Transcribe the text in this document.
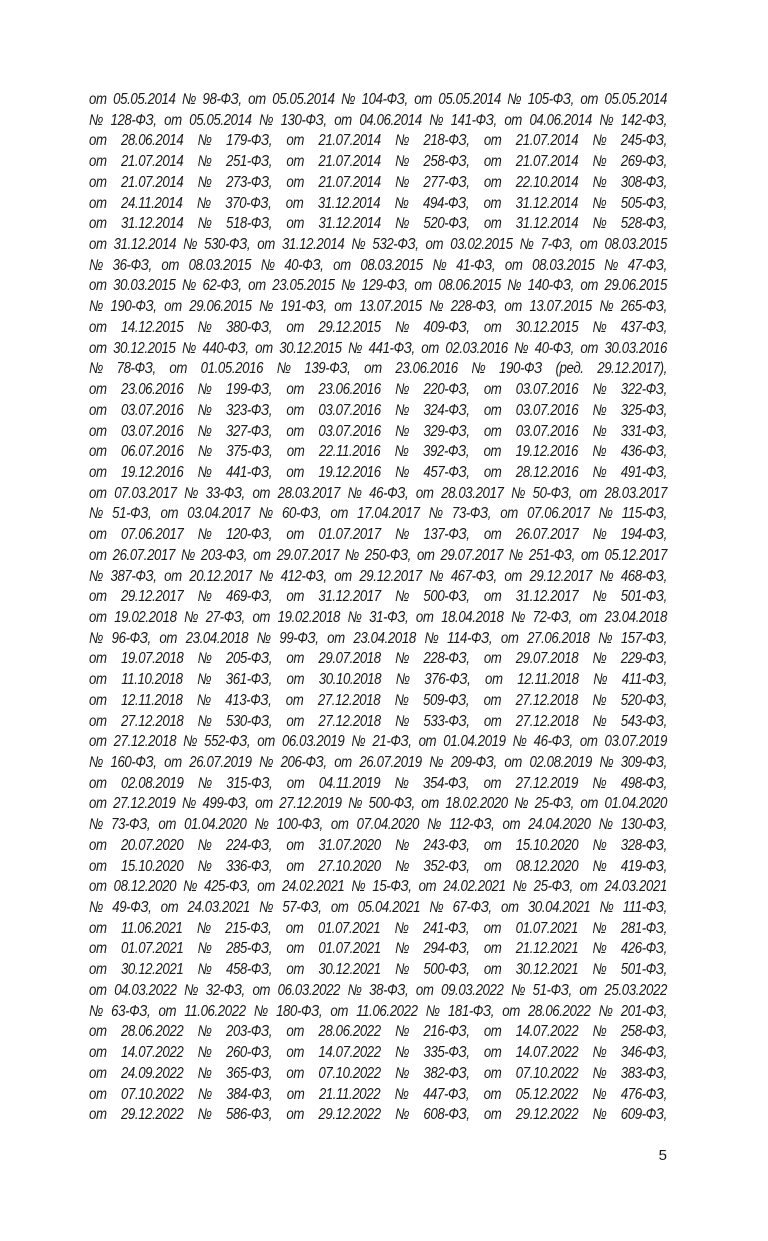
от 05.05.2014 № 98-ФЗ, от 05.05.2014 № 104-ФЗ, от 05.05.2014 № 105-ФЗ, от 05.05.2014
№ 128-ФЗ, от 05.05.2014 № 130-ФЗ, от 04.06.2014 № 141-ФЗ, от 04.06.2014 № 142-ФЗ,
от 28.06.2014 № 179-ФЗ, от 21.07.2014 № 218-ФЗ, от 21.07.2014 № 245-ФЗ,
от 21.07.2014 № 251-ФЗ, от 21.07.2014 № 258-ФЗ, от 21.07.2014 № 269-ФЗ,
от 21.07.2014 № 273-ФЗ, от 21.07.2014 № 277-ФЗ, от 22.10.2014 № 308-ФЗ,
от 24.11.2014 № 370-ФЗ, от 31.12.2014 № 494-ФЗ, от 31.12.2014 № 505-ФЗ,
от 31.12.2014 № 518-ФЗ, от 31.12.2014 № 520-ФЗ, от 31.12.2014 № 528-ФЗ,
от 31.12.2014 № 530-ФЗ, от 31.12.2014 № 532-ФЗ, от 03.02.2015 № 7-ФЗ, от 08.03.2015
№ 36-ФЗ, от 08.03.2015 № 40-ФЗ, от 08.03.2015 № 41-ФЗ, от 08.03.2015 № 47-ФЗ,
от 30.03.2015 № 62-ФЗ, от 23.05.2015 № 129-ФЗ, от 08.06.2015 № 140-ФЗ, от 29.06.2015
№ 190-ФЗ, от 29.06.2015 № 191-ФЗ, от 13.07.2015 № 228-ФЗ, от 13.07.2015 № 265-ФЗ,
от 14.12.2015 № 380-ФЗ, от 29.12.2015 № 409-ФЗ, от 30.12.2015 № 437-ФЗ,
от 30.12.2015 № 440-ФЗ, от 30.12.2015 № 441-ФЗ, от 02.03.2016 № 40-ФЗ, от 30.03.2016
№ 78-ФЗ, от 01.05.2016 № 139-ФЗ, от 23.06.2016 № 190-ФЗ (ред. 29.12.2017),
от 23.06.2016 № 199-ФЗ, от 23.06.2016 № 220-ФЗ, от 03.07.2016 № 322-ФЗ,
от 03.07.2016 № 323-ФЗ, от 03.07.2016 № 324-ФЗ, от 03.07.2016 № 325-ФЗ,
от 03.07.2016 № 327-ФЗ, от 03.07.2016 № 329-ФЗ, от 03.07.2016 № 331-ФЗ,
от 06.07.2016 № 375-ФЗ, от 22.11.2016 № 392-ФЗ, от 19.12.2016 № 436-ФЗ,
от 19.12.2016 № 441-ФЗ, от 19.12.2016 № 457-ФЗ, от 28.12.2016 № 491-ФЗ,
от 07.03.2017 № 33-ФЗ, от 28.03.2017 № 46-ФЗ, от 28.03.2017 № 50-ФЗ, от 28.03.2017
№ 51-ФЗ, от 03.04.2017 № 60-ФЗ, от 17.04.2017 № 73-ФЗ, от 07.06.2017 № 115-ФЗ,
от 07.06.2017 № 120-ФЗ, от 01.07.2017 № 137-ФЗ, от 26.07.2017 № 194-ФЗ,
от 26.07.2017 № 203-ФЗ, от 29.07.2017 № 250-ФЗ, от 29.07.2017 № 251-ФЗ, от 05.12.2017
№ 387-ФЗ, от 20.12.2017 № 412-ФЗ, от 29.12.2017 № 467-ФЗ, от 29.12.2017 № 468-ФЗ,
от 29.12.2017 № 469-ФЗ, от 31.12.2017 № 500-ФЗ, от 31.12.2017 № 501-ФЗ,
от 19.02.2018 № 27-ФЗ, от 19.02.2018 № 31-ФЗ, от 18.04.2018 № 72-ФЗ, от 23.04.2018
№ 96-ФЗ, от 23.04.2018 № 99-ФЗ, от 23.04.2018 № 114-ФЗ, от 27.06.2018 № 157-ФЗ,
от 19.07.2018 № 205-ФЗ, от 29.07.2018 № 228-ФЗ, от 29.07.2018 № 229-ФЗ,
от 11.10.2018 № 361-ФЗ, от 30.10.2018 № 376-ФЗ, от 12.11.2018 № 411-ФЗ,
от 12.11.2018 № 413-ФЗ, от 27.12.2018 № 509-ФЗ, от 27.12.2018 № 520-ФЗ,
от 27.12.2018 № 530-ФЗ, от 27.12.2018 № 533-ФЗ, от 27.12.2018 № 543-ФЗ,
от 27.12.2018 № 552-ФЗ, от 06.03.2019 № 21-ФЗ, от 01.04.2019 № 46-ФЗ, от 03.07.2019
№ 160-ФЗ, от 26.07.2019 № 206-ФЗ, от 26.07.2019 № 209-ФЗ, от 02.08.2019 № 309-ФЗ,
от 02.08.2019 № 315-ФЗ, от 04.11.2019 № 354-ФЗ, от 27.12.2019 № 498-ФЗ,
от 27.12.2019 № 499-ФЗ, от 27.12.2019 № 500-ФЗ, от 18.02.2020 № 25-ФЗ, от 01.04.2020
№ 73-ФЗ, от 01.04.2020 № 100-ФЗ, от 07.04.2020 № 112-ФЗ, от 24.04.2020 № 130-ФЗ,
от 20.07.2020 № 224-ФЗ, от 31.07.2020 № 243-ФЗ, от 15.10.2020 № 328-ФЗ,
от 15.10.2020 № 336-ФЗ, от 27.10.2020 № 352-ФЗ, от 08.12.2020 № 419-ФЗ,
от 08.12.2020 № 425-ФЗ, от 24.02.2021 № 15-ФЗ, от 24.02.2021 № 25-ФЗ, от 24.03.2021
№ 49-ФЗ, от 24.03.2021 № 57-ФЗ, от 05.04.2021 № 67-ФЗ, от 30.04.2021 № 111-ФЗ,
от 11.06.2021 № 215-ФЗ, от 01.07.2021 № 241-ФЗ, от 01.07.2021 № 281-ФЗ,
от 01.07.2021 № 285-ФЗ, от 01.07.2021 № 294-ФЗ, от 21.12.2021 № 426-ФЗ,
от 30.12.2021 № 458-ФЗ, от 30.12.2021 № 500-ФЗ, от 30.12.2021 № 501-ФЗ,
от 04.03.2022 № 32-ФЗ, от 06.03.2022 № 38-ФЗ, от 09.03.2022 № 51-ФЗ, от 25.03.2022
№ 63-ФЗ, от 11.06.2022 № 180-ФЗ, от 11.06.2022 № 181-ФЗ, от 28.06.2022 № 201-ФЗ,
от 28.06.2022 № 203-ФЗ, от 28.06.2022 № 216-ФЗ, от 14.07.2022 № 258-ФЗ,
от 14.07.2022 № 260-ФЗ, от 14.07.2022 № 335-ФЗ, от 14.07.2022 № 346-ФЗ,
от 24.09.2022 № 365-ФЗ, от 07.10.2022 № 382-ФЗ, от 07.10.2022 № 383-ФЗ,
от 07.10.2022 № 384-ФЗ, от 21.11.2022 № 447-ФЗ, от 05.12.2022 № 476-ФЗ,
от 29.12.2022 № 586-ФЗ, от 29.12.2022 № 608-ФЗ, от 29.12.2022 № 609-ФЗ,
5
